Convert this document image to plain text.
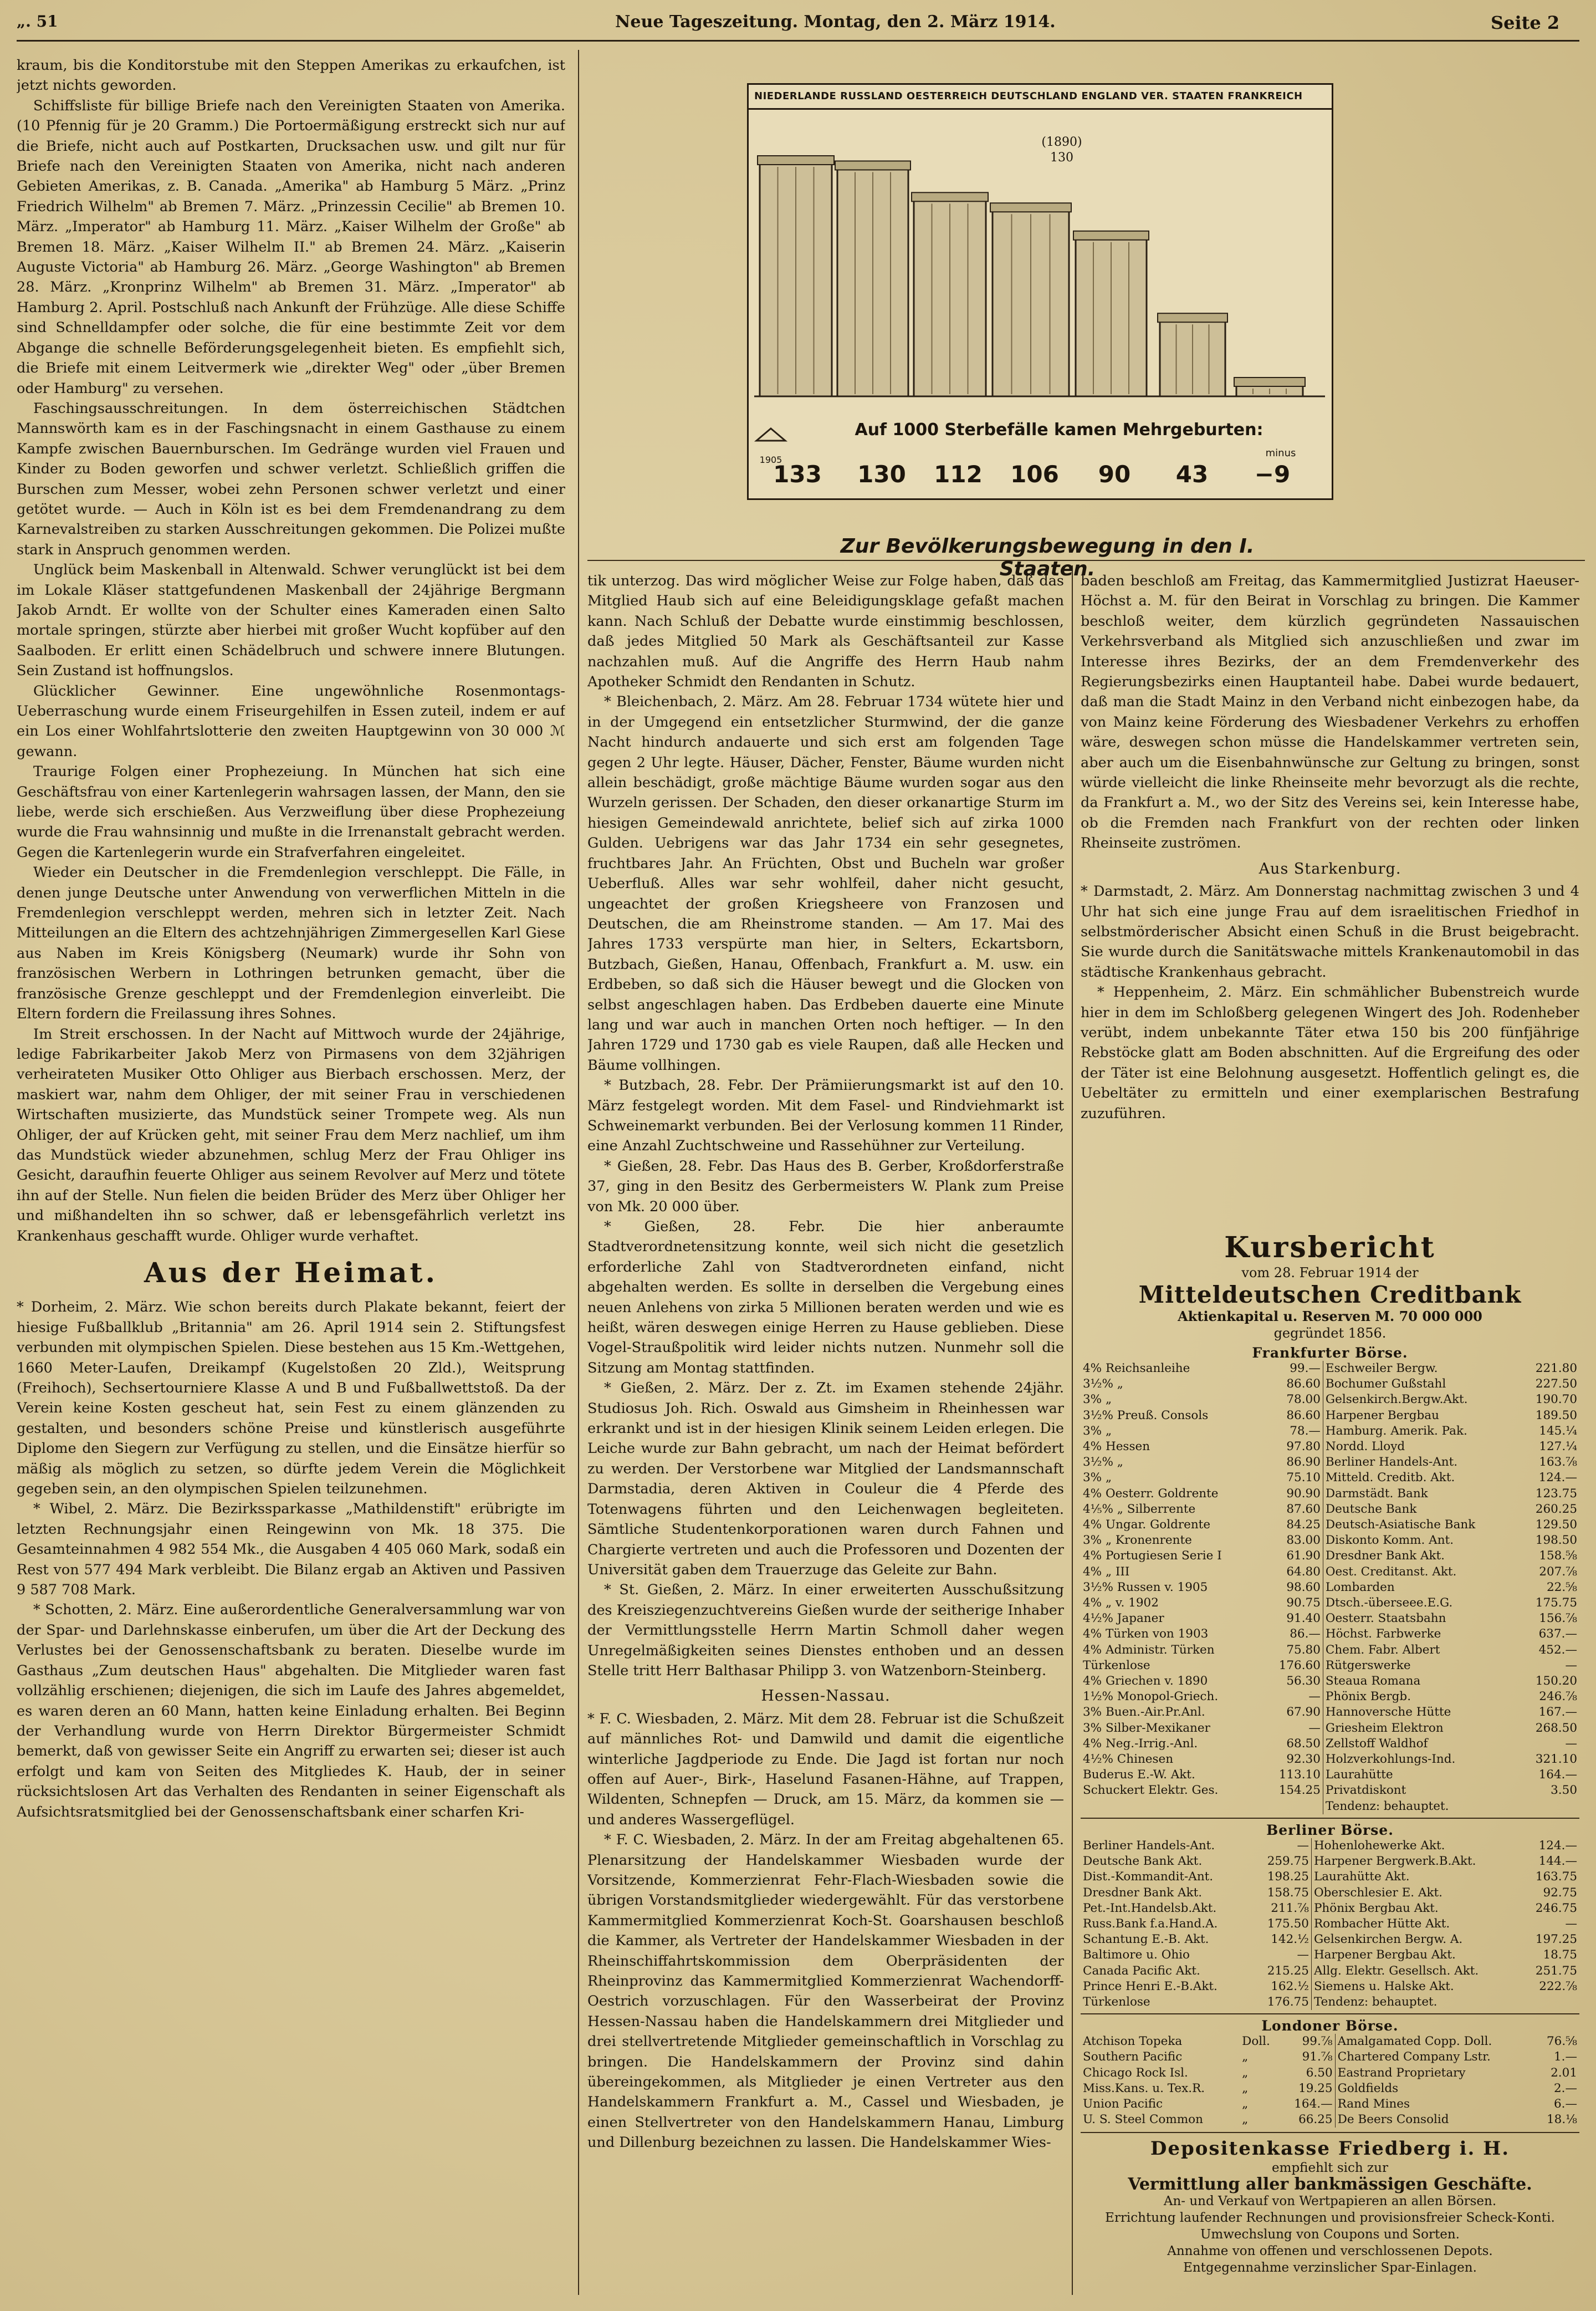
„. 51	Neue Tageszeitung. Montag, den 2. März 1914.	Seite 2

kraum, bis die Konditorstube mit den Steppen Amerikas zu erkaufchen, ist jetzt nichts geworden.

Schiffsliste für billige Briefe nach den Vereinigten Staaten von Amerika. (10 Pfennig für je 20 Gramm.) Die Portoermäßigung erstreckt sich nur auf die Briefe, nicht auch auf Postkarten, Drucksachen usw. und gilt nur für Briefe nach den Vereinigten Staaten von Amerika, nicht nach anderen Gebieten Amerikas, z. B. Canada. „Amerika" ab Hamburg 5 März. „Prinz Friedrich Wilhelm" ab Bremen 7. März. „Prinzessin Cecilie" ab Bremen 10. März. „Imperator" ab Hamburg 11. März. „Kaiser Wilhelm der Große" ab Bremen 18. März. „Kaiser Wilhelm II." ab Bremen 24. März. „Kaiserin Auguste Victoria" ab Hamburg 26. März. „George Washington" ab Bremen 28. März. „Kronprinz Wilhelm" ab Bremen 31. März. „Imperator" ab Hamburg 2. April. Postschluß nach Ankunft der Frühzüge. Alle diese Schiffe sind Schnelldampfer oder solche, die für eine bestimmte Zeit vor dem Abgange die schnelle Beförderungsgelegenheit bieten. Es empfiehlt sich, die Briefe mit einem Leitvermerk wie „direkter Weg" oder „über Bremen oder Hamburg" zu versehen.

Faschingsausschreitungen. In dem österreichischen Städtchen Mannswörth kam es in der Faschingsnacht in einem Gasthause zu einem Kampfe zwischen Bauernburschen. Im Gedränge wurden viel Frauen und Kinder zu Boden geworfen und schwer verletzt. Schließlich griffen die Burschen zum Messer, wobei zehn Personen schwer verletzt und einer getötet wurde. — Auch in Köln ist es bei dem Fremdenandrang zu dem Karnevalstreiben zu starken Ausschreitungen gekommen. Die Polizei mußte stark in Anspruch genommen werden.

Unglück beim Maskenball in Altenwald. Schwer verunglückt ist bei dem im Lokale Kläser stattgefundenen Maskenball der 24jährige Bergmann Jakob Arndt. Er wollte von der Schulter eines Kameraden einen Salto mortale springen, stürzte aber hierbei mit großer Wucht kopfüber auf den Saalboden. Er erlitt einen Schädelbruch und schwere innere Blutungen. Sein Zustand ist hoffnungslos.

Glücklicher Gewinner. Eine ungewöhnliche Rosenmontags-Ueberraschung wurde einem Friseurgehilfen in Essen zuteil, indem er auf ein Los einer Wohlfahrtslotterie den zweiten Hauptgewinn von 30 000 ℳ gewann.

Traurige Folgen einer Prophezeiung. In München hat sich eine Geschäftsfrau von einer Kartenlegerin wahrsagen lassen, der Mann, den sie liebe, werde sich erschießen. Aus Verzweiflung über diese Prophezeiung wurde die Frau wahnsinnig und mußte in die Irrenanstalt gebracht werden. Gegen die Kartenlegerin wurde ein Strafverfahren eingeleitet.

Wieder ein Deutscher in die Fremdenlegion verschleppt. Die Fälle, in denen junge Deutsche unter Anwendung von verwerflichen Mitteln in die Fremdenlegion verschleppt werden, mehren sich in letzter Zeit. Nach Mitteilungen an die Eltern des achtzehnjährigen Zimmergesellen Karl Giese aus Naben im Kreis Königsberg (Neumark) wurde ihr Sohn von französischen Werbern in Lothringen betrunken gemacht, über die französische Grenze geschleppt und der Fremdenlegion einverleibt. Die Eltern fordern die Freilassung ihres Sohnes.

Im Streit erschossen. In der Nacht auf Mittwoch wurde der 24jährige, ledige Fabrikarbeiter Jakob Merz von Pirmasens von dem 32jährigen verheirateten Musiker Otto Ohliger aus Bierbach erschossen. Merz, der maskiert war, nahm dem Ohliger, der mit seiner Frau in verschiedenen Wirtschaften musizierte, das Mundstück seiner Trompete weg. Als nun Ohliger, der auf Krücken geht, mit seiner Frau dem Merz nachlief, um ihm das Mundstück wieder abzunehmen, schlug Merz der Frau Ohliger ins Gesicht, daraufhin feuerte Ohliger aus seinem Revolver auf Merz und tötete ihn auf der Stelle. Nun fielen die beiden Brüder des Merz über Ohliger her und mißhandelten ihn so schwer, daß er lebensgefährlich verletzt ins Krankenhaus geschafft wurde. Ohliger wurde verhaftet.

Aus der Heimat.

* Dorheim, 2. März. Wie schon bereits durch Plakate bekannt, feiert der hiesige Fußballklub „Britannia" am 26. April 1914 sein 2. Stiftungsfest verbunden mit olympischen Spielen. Diese bestehen aus 15 Km.-Wettgehen, 1660 Meter-Laufen, Dreikampf (Kugelstoßen 20 Zld.), Weitsprung (Freihoch), Sechsertourniere Klasse A und B und Fußballwettstoß. Da der Verein keine Kosten gescheut hat, sein Fest zu einem glänzenden zu gestalten, und besonders schöne Preise und künstlerisch ausgeführte Diplome den Siegern zur Verfügung zu stellen, und die Einsätze hierfür so mäßig als möglich zu setzen, so dürfte jedem Verein die Möglichkeit gegeben sein, an den olympischen Spielen teilzunehmen.

* Wibel, 2. März. Die Bezirkssparkasse „Mathildenstift" erübrigte im letzten Rechnungsjahr einen Reingewinn von Mk. 18 375. Die Gesamteinnahmen 4 982 554 Mk., die Ausgaben 4 405 060 Mark, sodaß ein Rest von 577 494 Mark verbleibt. Die Bilanz ergab an Aktiven und Passiven 9 587 708 Mark.

* Schotten, 2. März. Eine außerordentliche Generalversammlung war von der Spar- und Darlehnskasse einberufen, um über die Art der Deckung des Verlustes bei der Genossenschaftsbank zu beraten. Dieselbe wurde im Gasthaus „Zum deutschen Haus" abgehalten. Die Mitglieder waren fast vollzählig erschienen; diejenigen, die sich im Laufe des Jahres abgemeldet, es waren deren an 60 Mann, hatten keine Einladung erhalten. Bei Beginn der Verhandlung wurde von Herrn Direktor Bürgermeister Schmidt bemerkt, daß von gewisser Seite ein Angriff zu erwarten sei; dieser ist auch erfolgt und kam von Seiten des Mitgliedes K. Haub, der in seiner rücksichtslosen Art das Verhalten des Rendanten in seiner Eigenschaft als Aufsichtsratsmitglied bei der Genossenschaftsbank einer scharfen Kri-

NIEDERLANDE RUSSLAND OESTERREICH DEUTSCHLAND ENGLAND VER. STAATEN FRANKREICH
Auf 1000 Sterbefälle kamen Mehrgeburten:
minus
133 130 112 106 90 43 −9
(1890)
130
1905
Zur Bevölkerungsbewegung in den I. Staaten.

tik unterzog. Das wird möglicher Weise zur Folge haben, daß das Mitglied Haub sich auf eine Beleidigungsklage gefaßt machen kann. Nach Schluß der Debatte wurde einstimmig beschlossen, daß jedes Mitglied 50 Mark als Geschäftsanteil zur Kasse nachzahlen muß. Auf die Angriffe des Herrn Haub nahm Apotheker Schmidt den Rendanten in Schutz.

* Bleichenbach, 2. März. Am 28. Februar 1734 wütete hier und in der Umgegend ein entsetzlicher Sturmwind, der die ganze Nacht hindurch andauerte und sich erst am folgenden Tage gegen 2 Uhr legte. Häuser, Dächer, Fenster, Bäume wurden nicht allein beschädigt, große mächtige Bäume wurden sogar aus den Wurzeln gerissen. Der Schaden, den dieser orkanartige Sturm im hiesigen Gemeindewald anrichtete, belief sich auf zirka 1000 Gulden. Uebrigens war das Jahr 1734 ein sehr gesegnetes, fruchtbares Jahr. An Früchten, Obst und Bucheln war großer Ueberfluß. Alles war sehr wohlfeil, daher nicht gesucht, ungeachtet der großen Kriegsheere von Franzosen und Deutschen, die am Rheinstrome standen. — Am 17. Mai des Jahres 1733 verspürte man hier, in Selters, Eckartsborn, Butzbach, Gießen, Hanau, Offenbach, Frankfurt a. M. usw. ein Erdbeben, so daß sich die Häuser bewegt und die Glocken von selbst angeschlagen haben. Das Erdbeben dauerte eine Minute lang und war auch in manchen Orten noch heftiger. — In den Jahren 1729 und 1730 gab es viele Raupen, daß alle Hecken und Bäume vollhingen.

* Butzbach, 28. Febr. Der Prämiierungsmarkt ist auf den 10. März festgelegt worden. Mit dem Fasel- und Rindviehmarkt ist Schweinemarkt verbunden. Bei der Verlosung kommen 11 Rinder, eine Anzahl Zuchtschweine und Rassehühner zur Verteilung.

* Gießen, 28. Febr. Das Haus des B. Gerber, Kroßdorferstraße 37, ging in den Besitz des Gerbermeisters W. Plank zum Preise von Mk. 20 000 über.

* Gießen, 28. Febr. Die hier anberaumte Stadtverordnetensitzung konnte, weil sich nicht die gesetzlich erforderliche Zahl von Stadtverordneten einfand, nicht abgehalten werden. Es sollte in derselben die Vergebung eines neuen Anlehens von zirka 5 Millionen beraten werden und wie es heißt, wären deswegen einige Herren zu Hause geblieben. Diese Vogel-Straußpolitik wird leider nichts nutzen. Nunmehr soll die Sitzung am Montag stattfinden.

* Gießen, 2. März. Der z. Zt. im Examen stehende 24jähr. Studiosus Joh. Rich. Oswald aus Gimsheim in Rheinhessen war erkrankt und ist in der hiesigen Klinik seinem Leiden erlegen. Die Leiche wurde zur Bahn gebracht, um nach der Heimat befördert zu werden. Der Verstorbene war Mitglied der Landsmannschaft Darmstadia, deren Aktiven in Couleur die 4 Pferde des Totenwagens führten und den Leichenwagen begleiteten. Sämtliche Studentenkorporationen waren durch Fahnen und Chargierte vertreten und auch die Professoren und Dozenten der Universität gaben dem Trauerzuge das Geleite zur Bahn.

* St. Gießen, 2. März. In einer erweiterten Ausschußsitzung des Kreisziegenzuchtvereins Gießen wurde der seitherige Inhaber der Vermittlungsstelle Herrn Martin Schmoll daher wegen Unregelmäßigkeiten seines Dienstes enthoben und an dessen Stelle tritt Herr Balthasar Philipp 3. von Watzenborn-Steinberg.

Hessen-Nassau.

* F. C. Wiesbaden, 2. März. Mit dem 28. Februar ist die Schußzeit auf männliches Rot- und Damwild und damit die eigentliche winterliche Jagdperiode zu Ende. Die Jagd ist fortan nur noch offen auf Auer-, Birk-, Haselund Fasanen-Hähne, auf Trappen, Wildenten, Schnepfen — Druck, am 15. März, da kommen sie — und anderes Wassergeflügel.

* F. C. Wiesbaden, 2. März. In der am Freitag abgehaltenen 65. Plenarsitzung der Handelskammer Wiesbaden wurde der Vorsitzende, Kommerzienrat Fehr-Flach-Wiesbaden sowie die übrigen Vorstandsmitglieder wiedergewählt. Für das verstorbene Kammermitglied Kommerzienrat Koch-St. Goarshausen beschloß die Kammer, als Vertreter der Handelskammer Wiesbaden in der Rheinschiffahrtskommission dem Oberpräsidenten der Rheinprovinz das Kammermitglied Kommerzienrat Wachendorff-Oestrich vorzuschlagen. Für den Wasserbeirat der Provinz Hessen-Nassau haben die Handelskammern drei Mitglieder und drei stellvertretende Mitglieder gemeinschaftlich in Vorschlag zu bringen. Die Handelskammern der Provinz sind dahin übereingekommen, als Mitglieder je einen Vertreter aus den Handelskammern Frankfurt a. M., Cassel und Wiesbaden, je einen Stellvertreter von den Handelskammern Hanau, Limburg und Dillenburg bezeichnen zu lassen. Die Handelskammer Wies-

baden beschloß am Freitag, das Kammermitglied Justizrat Haeuser-Höchst a. M. für den Beirat in Vorschlag zu bringen. Die Kammer beschloß weiter, dem kürzlich gegründeten Nassauischen Verkehrsverband als Mitglied sich anzuschließen und zwar im Interesse ihres Bezirks, der an dem Fremdenverkehr des Regierungsbezirks einen Hauptanteil habe. Dabei wurde bedauert, daß man die Stadt Mainz in den Verband nicht einbezogen habe, da von Mainz keine Förderung des Wiesbadener Verkehrs zu erhoffen wäre, deswegen schon müsse die Handelskammer vertreten sein, aber auch um die Eisenbahnwünsche zur Geltung zu bringen, sonst würde vielleicht die linke Rheinseite mehr bevorzugt als die rechte, da Frankfurt a. M., wo der Sitz des Vereins sei, kein Interesse habe, ob die Fremden nach Frankfurt von der rechten oder linken Rheinseite zuströmen.

Aus Starkenburg.

* Darmstadt, 2. März. Am Donnerstag nachmittag zwischen 3 und 4 Uhr hat sich eine junge Frau auf dem israelitischen Friedhof in selbstmörderischer Absicht einen Schuß in die Brust beigebracht. Sie wurde durch die Sanitätswache mittels Krankenautomobil in das städtische Krankenhaus gebracht.

* Heppenheim, 2. März. Ein schmählicher Bubenstreich wurde hier in dem im Schloßberg gelegenen Wingert des Joh. Rodenheber verübt, indem unbekannte Täter etwa 150 bis 200 fünfjährige Rebstöcke glatt am Boden abschnitten. Auf die Ergreifung des oder der Täter ist eine Belohnung ausgesetzt. Hoffentlich gelingt es, die Uebeltäter zu ermitteln und einer exemplarischen Bestrafung zuzuführen.

Kursbericht
vom 28. Februar 1914 der
Mitteldeutschen Creditbank
Aktienkapital u. Reserven M. 70 000 000
gegründet 1856.
Frankfurter Börse.
4% Reichsanleihe	99.—	Eschweiler Bergw.	221.80
3½% „	86.60	Bochumer Gußstahl	227.50
3% „	78.00	Gelsenkirch.Bergw.Akt.	190.70
3½% Preuß. Consols	86.60	Harpener Bergbau	189.50
3% „	78.—	Hamburg. Amerik. Pak.	145.¼
4% Hessen	97.80	Nordd. Lloyd	127.¼
3½% „	86.90	Berliner Handels-Ant.	163.⅞
3% „	75.10	Mitteld. Creditb. Akt.	124.—
4% Oesterr. Goldrente	90.90	Darmstädt. Bank	123.75
4⅕% „ Silberrente	87.60	Deutsche Bank	260.25
4% Ungar. Goldrente	84.25	Deutsch-Asiatische Bank	129.50
3% „ Kronenrente	83.00	Diskonto Komm. Ant.	198.50
4% Portugiesen Serie I	61.90	Dresdner Bank Akt.	158.⅝
4% „ III	64.80	Oest. Creditanst. Akt.	207.⅞
3½% Russen v. 1905	98.60	Lombarden	22.⅝
4% „ v. 1902	90.75	Dtsch.-überseee.E.G.	175.75
4½% Japaner	91.40	Oesterr. Staatsbahn	156.⅞
4% Türken von 1903	86.—	Höchst. Farbwerke	637.—
4% Administr. Türken	75.80	Chem. Fabr. Albert	452.—
Türkenlose	176.60	Rütgerswerke	—
4% Griechen v. 1890	56.30	Steaua Romana	150.20
1½% Monopol-Griech.	—	Phönix Bergb.	246.⅞
3% Buen.-Air.Pr.Anl.	67.90	Hannoversche Hütte	167.—
3% Silber-Mexikaner	—	Griesheim Elektron	268.50
4% Neg.-Irrig.-Anl.	68.50	Zellstoff Waldhof	—
4½% Chinesen	92.30	Holzverkohlungs-Ind.	321.10
Buderus E.-W. Akt.	113.10	Laurahütte	164.—
Schuckert Elektr. Ges.	154.25	Privatdiskont	3.50
		Tendenz: behauptet.	
Berliner Börse.
Berliner Handels-Ant.	—	Hohenlohewerke Akt.	124.—
Deutsche Bank Akt.	259.75	Harpener Bergwerk.B.Akt.	144.—
Dist.-Kommandit-Ant.	198.25	Laurahütte Akt.	163.75
Dresdner Bank Akt.	158.75	Oberschlesier E. Akt.	92.75
Pet.-Int.Handelsb.Akt.	211.⅞	Phönix Bergbau Akt.	246.75
Russ.Bank f.a.Hand.A.	175.50	Rombacher Hütte Akt.	—
Schantung E.-B. Akt.	142.½	Gelsenkirchen Bergw. A.	197.25
Baltimore u. Ohio	—	Harpener Bergbau Akt.	18.75
Canada Pacific Akt.	215.25	Allg. Elektr. Gesellsch. Akt.	251.75
Prince Henri E.-B.Akt.	162.½	Siemens u. Halske Akt.	222.⅞
Türkenlose	176.75	Tendenz: behauptet.	
Londoner Börse.
Atchison Topeka	Doll.	99.⅞	Amalgamated Copp. Doll.	76.⅝
Southern Pacific	„	91.⅞	Chartered Company Lstr.	1.—
Chicago Rock Isl.	„	6.50	Eastrand Proprietary	2.01
Miss.Kans. u. Tex.R.	„	19.25	Goldfields	2.—
Union Pacific	„	164.—	Rand Mines	6.—
U. S. Steel Common	„	66.25	De Beers Consolid	18.⅛
Depositenkasse Friedberg i. H.
empfiehlt sich zur
Vermittlung aller bankmässigen Geschäfte.
An- und Verkauf von Wertpapieren an allen Börsen.
Errichtung laufender Rechnungen und provisionsfreier Scheck-Konti.
Umwechslung von Coupons und Sorten.
Annahme von offenen und verschlossenen Depots.
Entgegennahme verzinslicher Spar-Einlagen.
